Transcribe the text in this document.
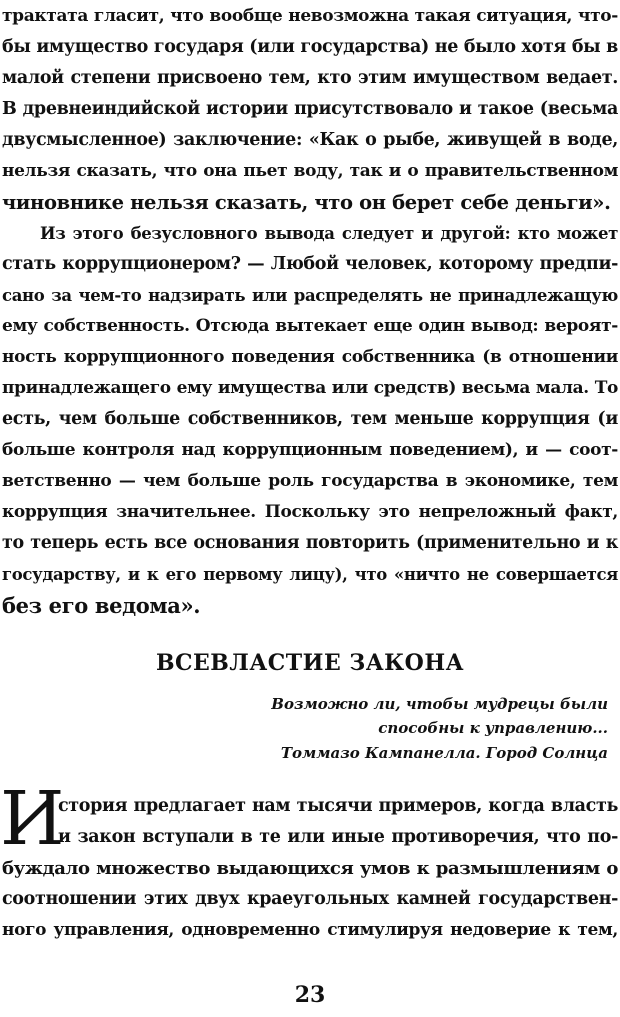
трактата гласит, что вообще невозможна такая ситуация, что-
бы имущество государя (или государства) не было хотя бы в
малой степени присвоено тем, кто этим имуществом ведает.
В древнеиндийской истории присутствовало и такое (весьма
двусмысленное) заключение: «Как о рыбе, живущей в воде,
нельзя сказать, что она пьет воду, так и о правительственном
чиновнике нельзя сказать, что он берет себе деньги».
Из этого безусловного вывода следует и другой: кто может
стать коррупционером? — Любой человек, которому предпи-
сано за чем-то надзирать или распределять не принадлежащую
ему собственность. Отсюда вытекает еще один вывод: вероят-
ность коррупционного поведения собственника (в отношении
принадлежащего ему имущества или средств) весьма мала. То
есть, чем больше собственников, тем меньше коррупция (и
больше контроля над коррупционным поведением), и — соот-
ветственно — чем больше роль государства в экономике, тем
коррупция значительнее. Поскольку это непреложный факт,
то теперь есть все основания повторить (применительно и к
государству, и к его первому лицу), что «ничто не совершается
без его ведома».
ВСЕВЛАСТИЕ ЗАКОНА
Возможно ли, чтобы мудрецы были
способны к управлению...
Томмазо Кампанелла. Город Солнца
И
стория предлагает нам тысячи примеров, когда власть
и закон вступали в те или иные противоречия, что по-
буждало множество выдающихся умов к размышлениям о
соотношении этих двух краеугольных камней государствен-
ного управления, одновременно стимулируя недоверие к тем,
23
